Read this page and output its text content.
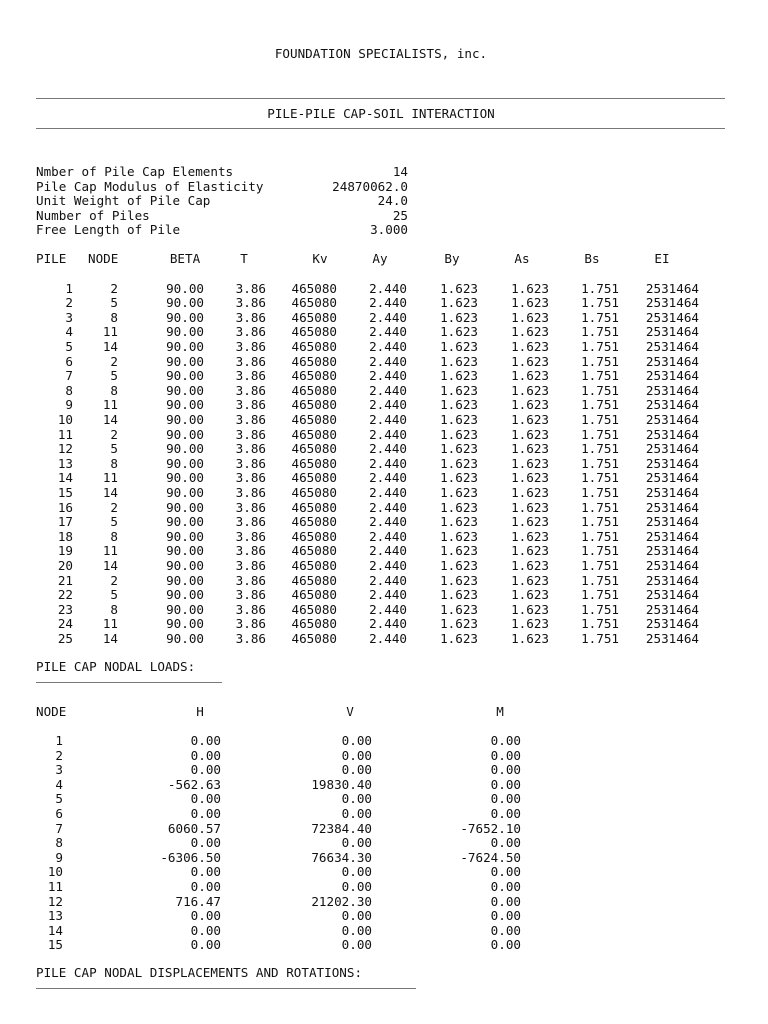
FOUNDATION SPECIALISTS, inc.
PILE-PILE CAP-SOIL INTERACTION
Nmber of Pile Cap Elements	14
Pile Cap Modulus of Elasticity	24870062.0
Unit Weight of Pile Cap	24.0
Number of Piles	25
Free Length of Pile	3.000
PILE	NODE	BETA	T	Kv	Ay	By	As	Bs	EI
1	2	90.00	3.86	465080	2.440	1.623	1.623	1.751	2531464
2	5	90.00	3.86	465080	2.440	1.623	1.623	1.751	2531464
3	8	90.00	3.86	465080	2.440	1.623	1.623	1.751	2531464
4	11	90.00	3.86	465080	2.440	1.623	1.623	1.751	2531464
5	14	90.00	3.86	465080	2.440	1.623	1.623	1.751	2531464
6	2	90.00	3.86	465080	2.440	1.623	1.623	1.751	2531464
7	5	90.00	3.86	465080	2.440	1.623	1.623	1.751	2531464
8	8	90.00	3.86	465080	2.440	1.623	1.623	1.751	2531464
9	11	90.00	3.86	465080	2.440	1.623	1.623	1.751	2531464
10	14	90.00	3.86	465080	2.440	1.623	1.623	1.751	2531464
11	2	90.00	3.86	465080	2.440	1.623	1.623	1.751	2531464
12	5	90.00	3.86	465080	2.440	1.623	1.623	1.751	2531464
13	8	90.00	3.86	465080	2.440	1.623	1.623	1.751	2531464
14	11	90.00	3.86	465080	2.440	1.623	1.623	1.751	2531464
15	14	90.00	3.86	465080	2.440	1.623	1.623	1.751	2531464
16	2	90.00	3.86	465080	2.440	1.623	1.623	1.751	2531464
17	5	90.00	3.86	465080	2.440	1.623	1.623	1.751	2531464
18	8	90.00	3.86	465080	2.440	1.623	1.623	1.751	2531464
19	11	90.00	3.86	465080	2.440	1.623	1.623	1.751	2531464
20	14	90.00	3.86	465080	2.440	1.623	1.623	1.751	2531464
21	2	90.00	3.86	465080	2.440	1.623	1.623	1.751	2531464
22	5	90.00	3.86	465080	2.440	1.623	1.623	1.751	2531464
23	8	90.00	3.86	465080	2.440	1.623	1.623	1.751	2531464
24	11	90.00	3.86	465080	2.440	1.623	1.623	1.751	2531464
25	14	90.00	3.86	465080	2.440	1.623	1.623	1.751	2531464
PILE CAP NODAL LOADS:
NODE	H	V	M
1	0.00	0.00	0.00
2	0.00	0.00	0.00
3	0.00	0.00	0.00
4	-562.63	19830.40	0.00
5	0.00	0.00	0.00
6	0.00	0.00	0.00
7	6060.57	72384.40	-7652.10
8	0.00	0.00	0.00
9	-6306.50	76634.30	-7624.50
10	0.00	0.00	0.00
11	0.00	0.00	0.00
12	716.47	21202.30	0.00
13	0.00	0.00	0.00
14	0.00	0.00	0.00
15	0.00	0.00	0.00
PILE CAP NODAL DISPLACEMENTS AND ROTATIONS:
